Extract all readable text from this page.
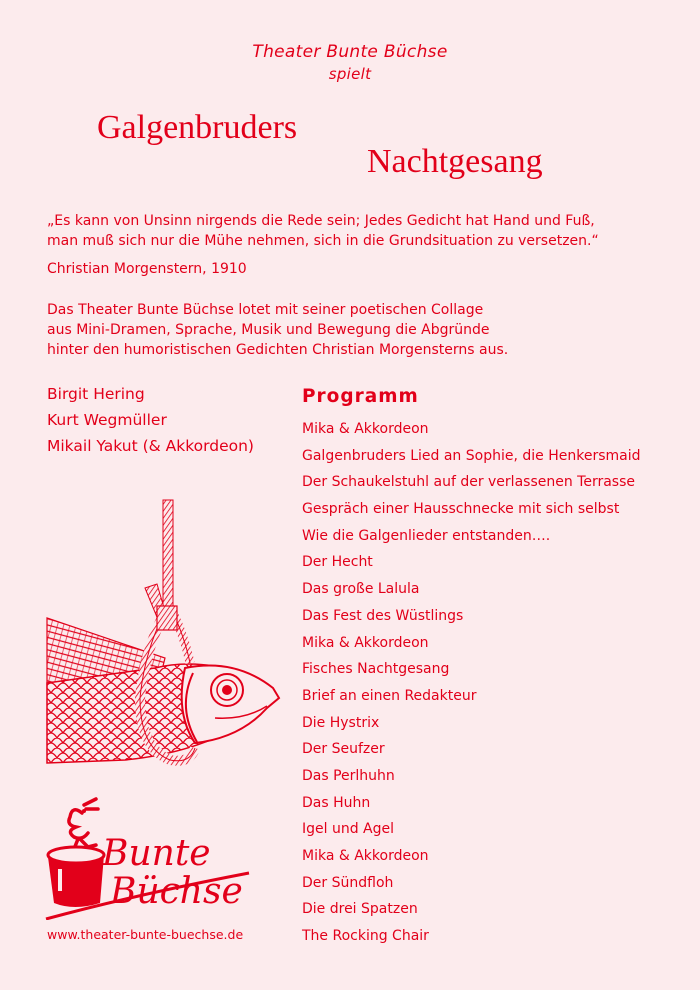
Theater Bunte Büchse
spielt
Galgenbruders
Nachtgesang
„Es kann von Unsinn nirgends die Rede sein; Jedes Gedicht hat Hand und Fuß,
man muß sich nur die Mühe nehmen, sich in die Grundsituation zu versetzen.“
Christian Morgenstern, 1910
Das Theater Bunte Büchse lotet mit seiner poetischen Collage
aus Mini-Dramen, Sprache, Musik und Bewegung die Abgründe
hinter den humoristischen Gedichten Christian Morgensterns aus.
Birgit Hering
Kurt Wegmüller
Mikail Yakut (& Akkordeon)
Programm
Mika & Akkordeon
Galgenbruders Lied an Sophie, die Henkersmaid
Der Schaukelstuhl auf der verlassenen Terrasse
Gespräch einer Hausschnecke mit sich selbst
Wie die Galgenlieder entstanden….
Der Hecht
Das große Lalula
Das Fest des Wüstlings
Mika & Akkordeon
Fisches Nachtgesang
Brief an einen Redakteur
Die Hystrix
Der Seufzer
Das Perlhuhn
Das Huhn
Igel und Agel
Mika & Akkordeon
Der Sündfloh
Die drei Spatzen
The Rocking Chair
Bunte
Büchse
www.theater-bunte-buechse.de
